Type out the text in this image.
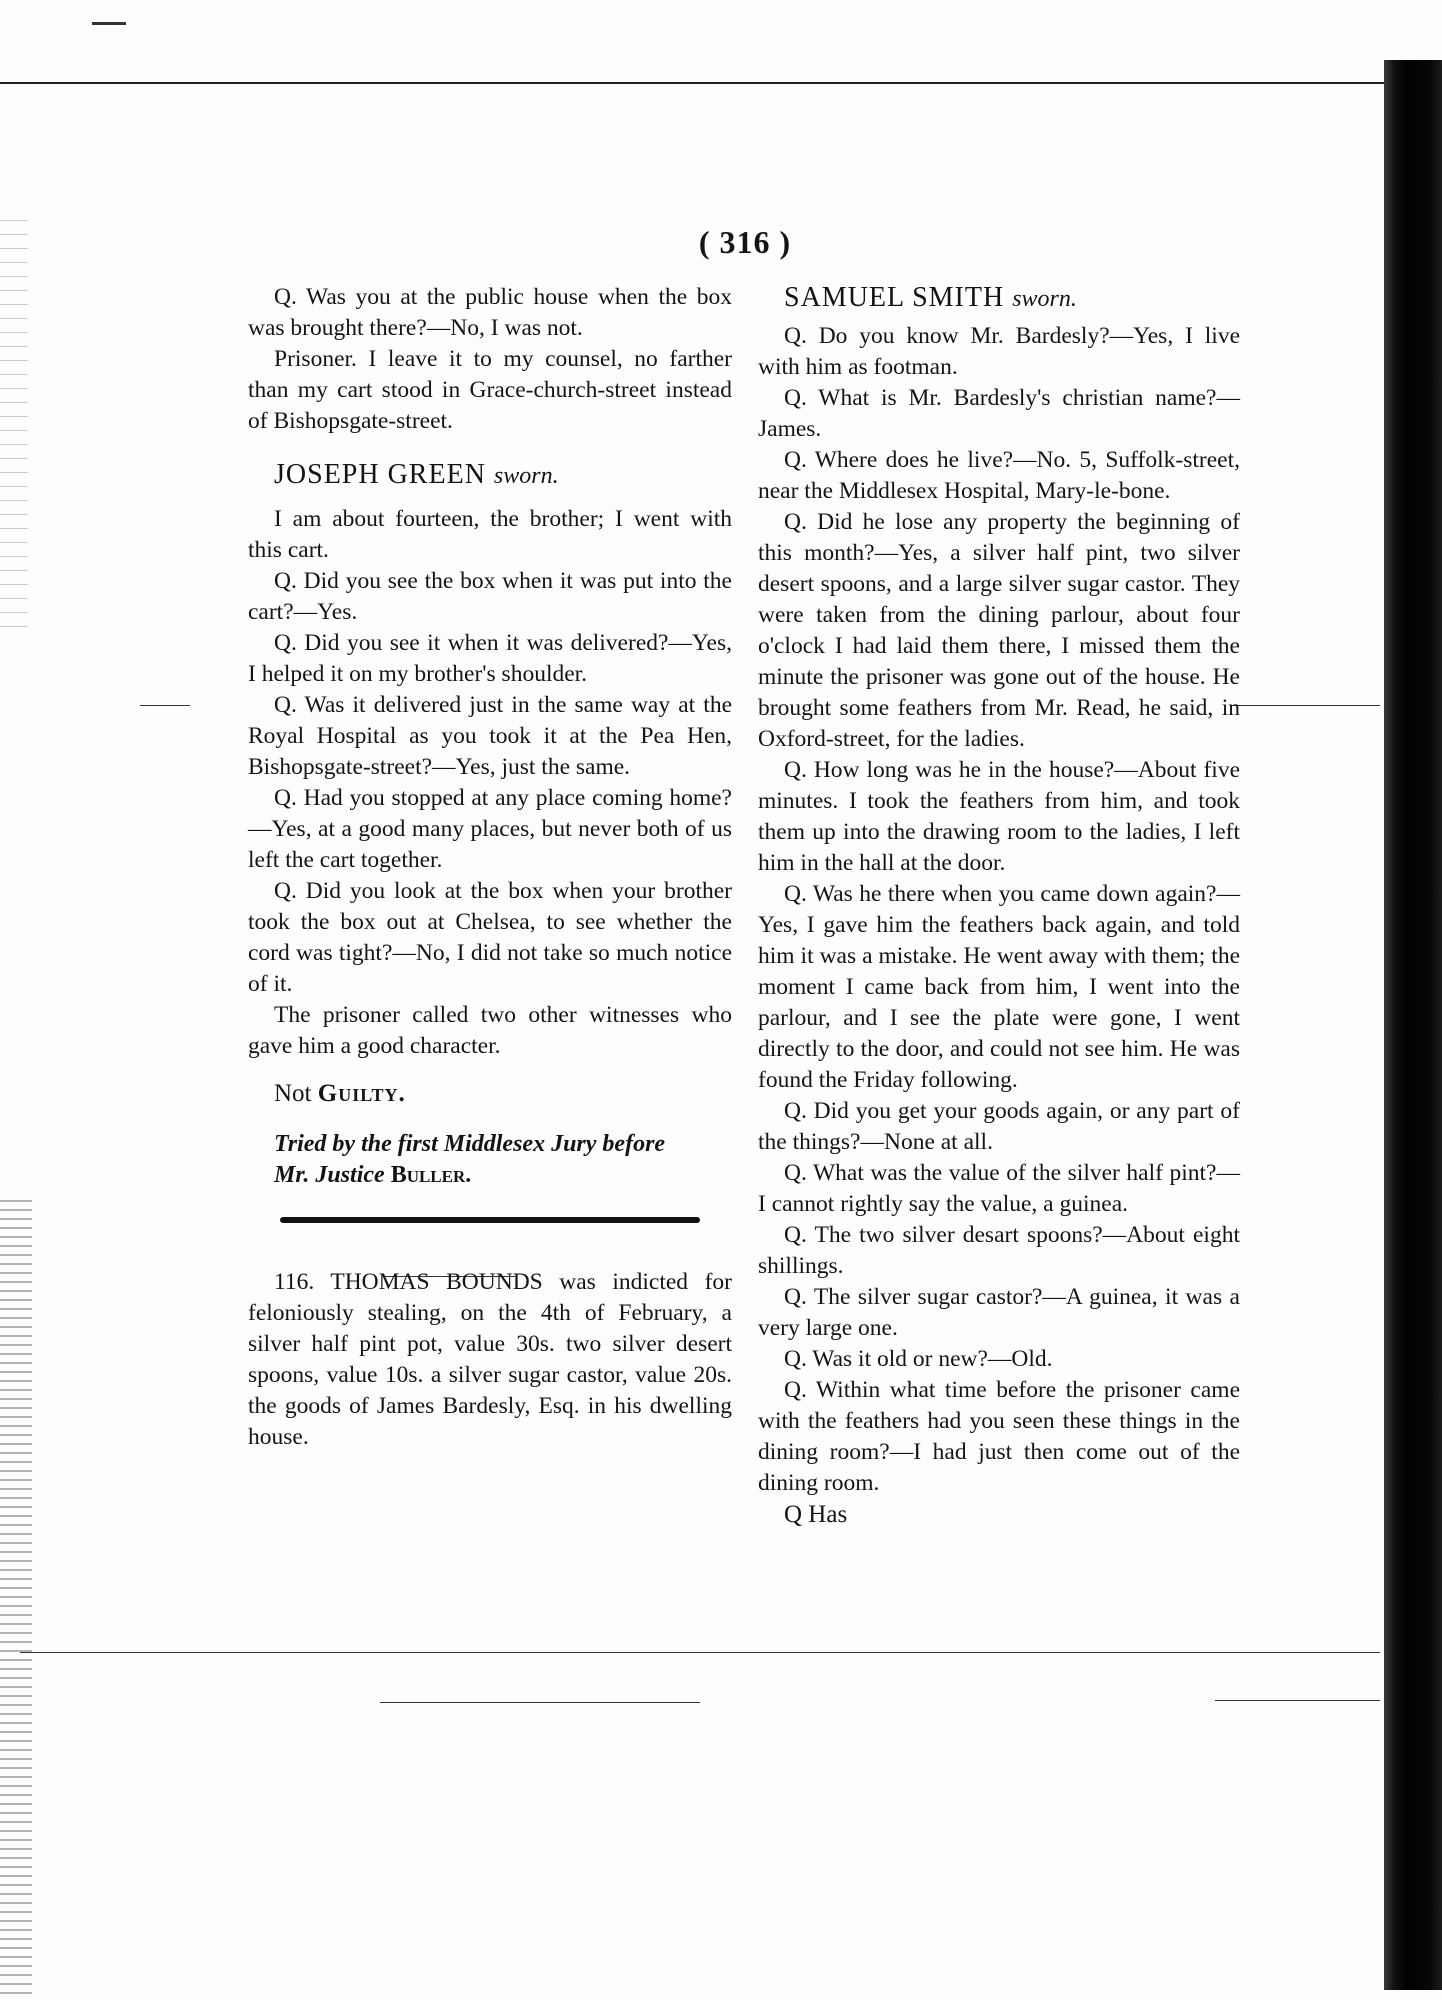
( 316 )

Q. Was you at the public house when the box was brought there?—No, I was not.

Prisoner. I leave it to my counsel, no farther than my cart stood in Grace-church-street instead of Bishopsgate-street.

JOSEPH GREEN sworn.

I am about fourteen, the brother; I went with this cart.

Q. Did you see the box when it was put into the cart?—Yes.

Q. Did you see it when it was delivered?—Yes, I helped it on my brother's shoulder.

Q. Was it delivered just in the same way at the Royal Hospital as you took it at the Pea Hen, Bishopsgate-street?—Yes, just the same.

Q. Had you stopped at any place coming home?—Yes, at a good many places, but never both of us left the cart together.

Q. Did you look at the box when your brother took the box out at Chelsea, to see whether the cord was tight?—No, I did not take so much notice of it.

The prisoner called two other witnesses who gave him a good character.

Not Guilty.

Tried by the first Middlesex Jury before

Mr. Justice Buller.

116. THOMAS BOUNDS was indicted for feloniously stealing, on the 4th of February, a silver half pint pot, value 30s. two silver desert spoons, value 10s. a silver sugar castor, value 20s. the goods of James Bardesly, Esq. in his dwelling house.

SAMUEL SMITH sworn.

Q. Do you know Mr. Bardesly?—Yes, I live with him as footman.

Q. What is Mr. Bardesly's christian name?—James.

Q. Where does he live?—No. 5, Suffolk-street, near the Middlesex Hospital, Mary-le-bone.

Q. Did he lose any property the beginning of this month?—Yes, a silver half pint, two silver desert spoons, and a large silver sugar castor. They were taken from the dining parlour, about four o'clock I had laid them there, I missed them the minute the prisoner was gone out of the house. He brought some feathers from Mr. Read, he said, in Oxford-street, for the ladies.

Q. How long was he in the house?—About five minutes. I took the feathers from him, and took them up into the drawing room to the ladies, I left him in the hall at the door.

Q. Was he there when you came down again?—Yes, I gave him the feathers back again, and told him it was a mistake. He went away with them; the moment I came back from him, I went into the parlour, and I see the plate were gone, I went directly to the door, and could not see him. He was found the Friday following.

Q. Did you get your goods again, or any part of the things?—None at all.

Q. What was the value of the silver half pint?—I cannot rightly say the value, a guinea.

Q. The two silver desart spoons?—About eight shillings.

Q. The silver sugar castor?—A guinea, it was a very large one.

Q. Was it old or new?—Old.

Q. Within what time before the prisoner came with the feathers had you seen these things in the dining room?—I had just then come out of the dining room.

Q Has
